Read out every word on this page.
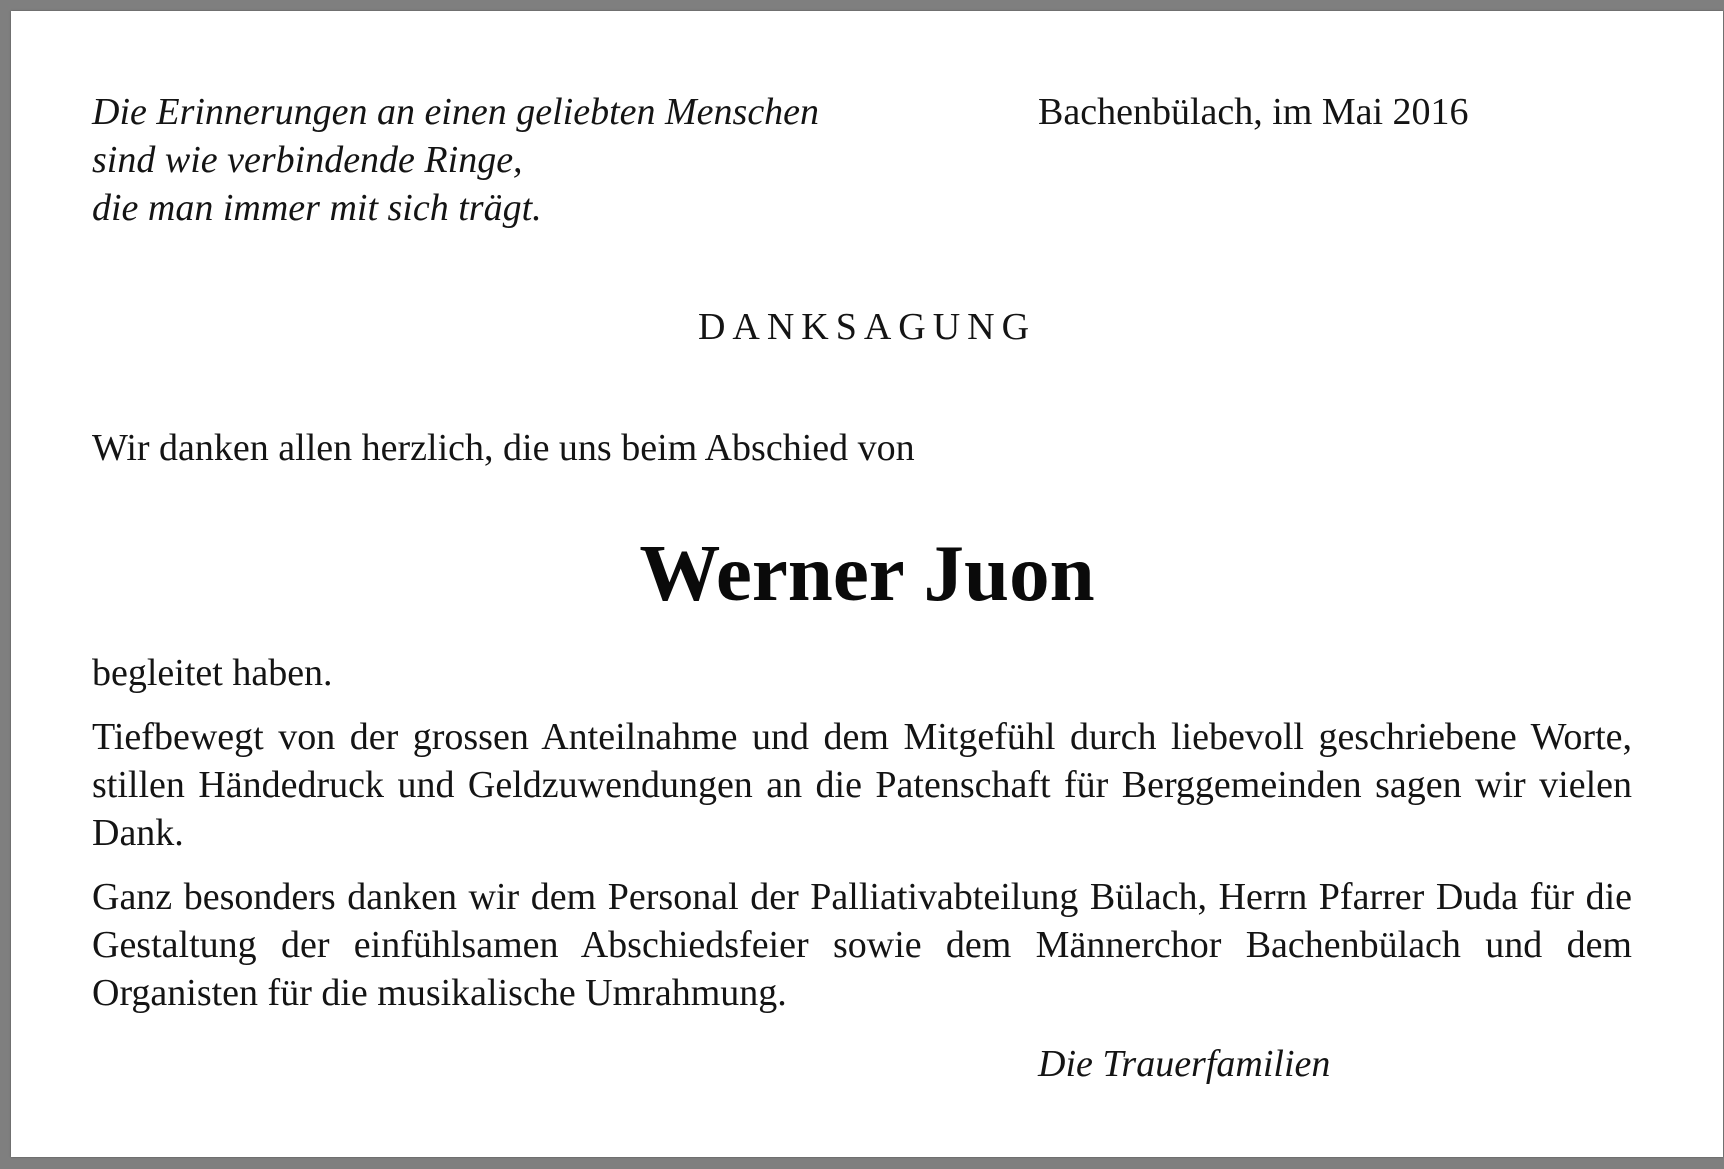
Die Erinnerungen an einen geliebten Menschen
sind wie verbindende Ringe,
die man immer mit sich trägt.
Bachenbülach, im Mai 2016
DANKSAGUNG
Wir danken allen herzlich, die uns beim Abschied von
Werner Juon
begleitet haben.
Tiefbewegt von der grossen Anteilnahme und dem Mitgefühl durch liebevoll geschriebene Worte, stillen Händedruck und Geldzuwendungen an die Patenschaft für Berggemeinden sagen wir vielen Dank.
Ganz besonders danken wir dem Personal der Palliativabteilung Bülach, Herrn Pfarrer Duda für die Gestaltung der einfühlsamen Abschiedsfeier sowie dem Männerchor Bachenbülach und dem Organisten für die musikalische Umrahmung.
Die Trauerfamilien
